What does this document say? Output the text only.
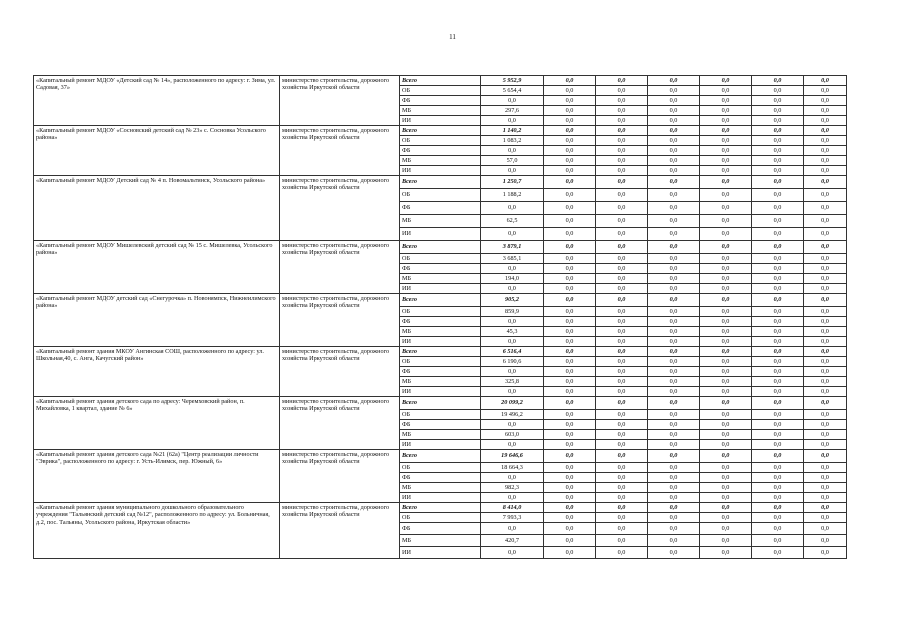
11
«Капитальный ремонт МДОУ «Детский сад № 14», расположенного по адресу: г. Зима, ул. Садовая, 37»	министерство строительства, дорожного хозяйства Иркутской области	Всего	5 952,9	0,0	0,0	0,0	0,0	0,0	0,0
		ОБ	5 654,4	0,0	0,0	0,0	0,0	0,0	0,0
		ФБ	0,0	0,0	0,0	0,0	0,0	0,0	0,0
		МБ	297,6	0,0	0,0	0,0	0,0	0,0	0,0
		ИИ	0,0	0,0	0,0	0,0	0,0	0,0	0,0
«Капитальный ремонт МДОУ «Сосновский детский сад № 23» с. Сосновка Усольского района»	министерство строительства, дорожного хозяйства Иркутской области	Всего	1 140,2	0,0	0,0	0,0	0,0	0,0	0,0
		ОБ	1 083,2	0,0	0,0	0,0	0,0	0,0	0,0
		ФБ	0,0	0,0	0,0	0,0	0,0	0,0	0,0
		МБ	57,0	0,0	0,0	0,0	0,0	0,0	0,0
		ИИ	0,0	0,0	0,0	0,0	0,0	0,0	0,0
«Капитальный ремонт МДОУ Детский сад № 4 п. Новомальтинск, Усольского района»	министерство строительства, дорожного хозяйства Иркутской области	Всего	1 250,7	0,0	0,0	0,0	0,0	0,0	0,0
		ОБ	1 188,2	0,0	0,0	0,0	0,0	0,0	0,0
		ФБ	0,0	0,0	0,0	0,0	0,0	0,0	0,0
		МБ	62,5	0,0	0,0	0,0	0,0	0,0	0,0
		ИИ	0,0	0,0	0,0	0,0	0,0	0,0	0,0
«Капитальный ремонт МДОУ Мишелевский детский сад № 15 с. Мишелевка, Усольского района»	министерство строительства, дорожного хозяйства Иркутской области	Всего	3 879,1	0,0	0,0	0,0	0,0	0,0	0,0
		ОБ	3 685,1	0,0	0,0	0,0	0,0	0,0	0,0
		ФБ	0,0	0,0	0,0	0,0	0,0	0,0	0,0
		МБ	194,0	0,0	0,0	0,0	0,0	0,0	0,0
		ИИ	0,0	0,0	0,0	0,0	0,0	0,0	0,0
«Капитальный ремонт МДОУ детский сад «Снегурочка» п. Новонямпск, Нижнеилимского района»	министерство строительства, дорожного хозяйства Иркутской области	Всего	905,2	0,0	0,0	0,0	0,0	0,0	0,0
		ОБ	859,9	0,0	0,0	0,0	0,0	0,0	0,0
		ФБ	0,0	0,0	0,0	0,0	0,0	0,0	0,0
		МБ	45,3	0,0	0,0	0,0	0,0	0,0	0,0
		ИИ	0,0	0,0	0,0	0,0	0,0	0,0	0,0
«Капитальный ремонт здания МКОУ Ангинская СОШ, расположенного по адресу: ул. Школьная,40, с. Анга, Качугский район»	министерство строительства, дорожного хозяйства Иркутской области	Всего	6 516,4	0,0	0,0	0,0	0,0	0,0	0,0
		ОБ	6 190,6	0,0	0,0	0,0	0,0	0,0	0,0
		ФБ	0,0	0,0	0,0	0,0	0,0	0,0	0,0
		МБ	325,8	0,0	0,0	0,0	0,0	0,0	0,0
		ИИ	0,0	0,0	0,0	0,0	0,0	0,0	0,0
«Капитальный ремонт здания детского сада по адресу: Черемховский район, п. Михайловка, 1 квартал, здание № 6»	министерство строительства, дорожного хозяйства Иркутской области	Всего	20 099,2	0,0	0,0	0,0	0,0	0,0	0,0
		ОБ	19 496,2	0,0	0,0	0,0	0,0	0,0	0,0
		ФБ	0,0	0,0	0,0	0,0	0,0	0,0	0,0
		МБ	603,0	0,0	0,0	0,0	0,0	0,0	0,0
		ИИ	0,0	0,0	0,0	0,0	0,0	0,0	0,0
«Капитальный ремонт здания детского сада №21 (62а) "Центр реализации личности "Эврика", расположенного по адресу: г. Усть-Илимск, пер. Южный, 6»	министерство строительства, дорожного хозяйства Иркутской области	Всего	19 646,6	0,0	0,0	0,0	0,0	0,0	0,0
		ОБ	18 664,3	0,0	0,0	0,0	0,0	0,0	0,0
		ФБ	0,0	0,0	0,0	0,0	0,0	0,0	0,0
		МБ	982,3	0,0	0,0	0,0	0,0	0,0	0,0
		ИИ	0,0	0,0	0,0	0,0	0,0	0,0	0,0
«Капитальный ремонт здания муниципального дошкольного образовательного учреждения "Тальянский детский сад №12", расположенного по адресу: ул. Больничная, д.2, пос. Тальяны, Усольского района, Иркутская области»	министерство строительства, дорожного хозяйства Иркутской области	Всего	8 414,0	0,0	0,0	0,0	0,0	0,0	0,0
		ОБ	7 993,3	0,0	0,0	0,0	0,0	0,0	0,0
		ФБ	0,0	0,0	0,0	0,0	0,0	0,0	0,0
		МБ	420,7	0,0	0,0	0,0	0,0	0,0	0,0
		ИИ	0,0	0,0	0,0	0,0	0,0	0,0	0,0
